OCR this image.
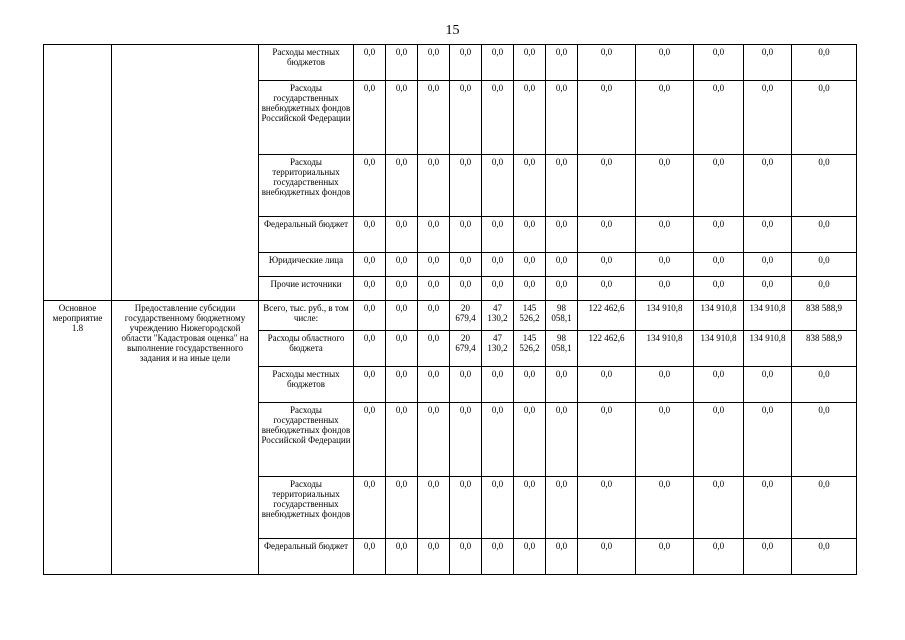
15
		Расходы местных бюджетов	0,0	0,0	0,0	0,0	0,0	0,0	0,0	0,0	0,0	0,0	0,0	0,0
		Расходы государственных внебюджетных фондов Российской Федерации	0,0	0,0	0,0	0,0	0,0	0,0	0,0	0,0	0,0	0,0	0,0	0,0
		Расходы территориальных государственных внебюджетных фондов	0,0	0,0	0,0	0,0	0,0	0,0	0,0	0,0	0,0	0,0	0,0	0,0
		Федеральный бюджет	0,0	0,0	0,0	0,0	0,0	0,0	0,0	0,0	0,0	0,0	0,0	0,0
		Юридические лица	0,0	0,0	0,0	0,0	0,0	0,0	0,0	0,0	0,0	0,0	0,0	0,0
		Прочие источники	0,0	0,0	0,0	0,0	0,0	0,0	0,0	0,0	0,0	0,0	0,0	0,0
Основное мероприятие 1.8	Предоставление субсидии государственному бюджетному учреждению Нижегородской области "Кадастровая оценка" на выполнение государственного задания и на иные цели	Всего, тыс. руб., в том числе:	0,0	0,0	0,0	20 679,4	47 130,2	145 526,2	98 058,1	122 462,6	134 910,8	134 910,8	134 910,8	838 588,9
		Расходы областного бюджета	0,0	0,0	0,0	20 679,4	47 130,2	145 526,2	98 058,1	122 462,6	134 910,8	134 910,8	134 910,8	838 588,9
		Расходы местных бюджетов	0,0	0,0	0,0	0,0	0,0	0,0	0,0	0,0	0,0	0,0	0,0	0,0
		Расходы государственных внебюджетных фондов Российской Федерации	0,0	0,0	0,0	0,0	0,0	0,0	0,0	0,0	0,0	0,0	0,0	0,0
		Расходы территориальных государственных внебюджетных фондов	0,0	0,0	0,0	0,0	0,0	0,0	0,0	0,0	0,0	0,0	0,0	0,0
		Федеральный бюджет	0,0	0,0	0,0	0,0	0,0	0,0	0,0	0,0	0,0	0,0	0,0	0,0
